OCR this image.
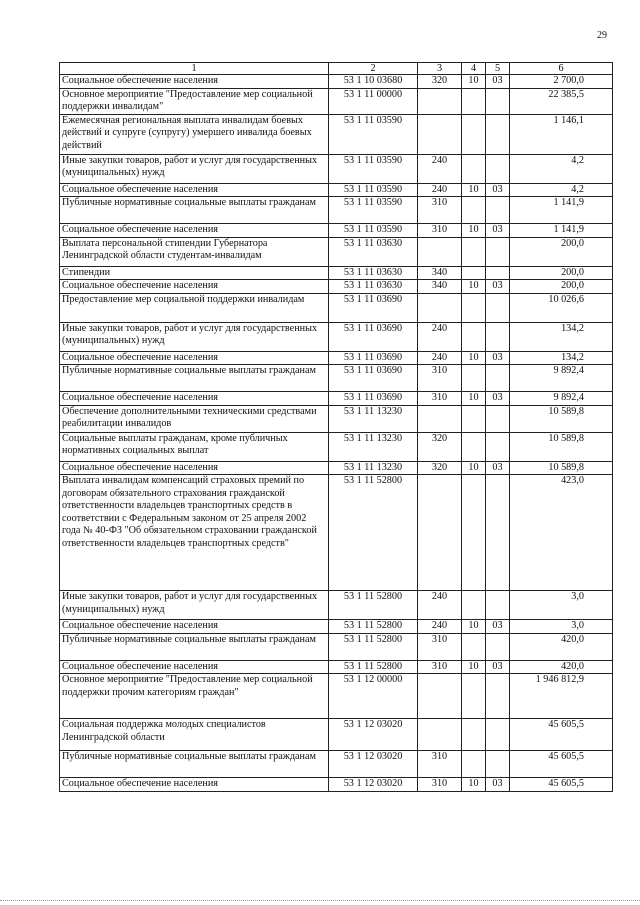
29
1	2	3	4	5	6
Социальное обеспечение населения	53 1 10 03680	320	10	03	2 700,0
Основное мероприятие "Предоставление мер социальной поддержки инвалидам"	53 1 11 00000				22 385,5
Ежемесячная региональная выплата инвалидам боевых действий и супруге (супругу) умершего инвалида боевых действий	53 1 11 03590				1 146,1
Иные закупки товаров, работ и услуг для государственных (муниципальных) нужд	53 1 11 03590	240			4,2
Социальное обеспечение населения	53 1 11 03590	240	10	03	4,2
Публичные нормативные социальные выплаты гражданам	53 1 11 03590	310			1 141,9
Социальное обеспечение населения	53 1 11 03590	310	10	03	1 141,9
Выплата персональной стипендии Губернатора Ленинградской области студентам-инвалидам	53 1 11 03630				200,0
Стипендии	53 1 11 03630	340			200,0
Социальное обеспечение населения	53 1 11 03630	340	10	03	200,0
Предоставление мер социальной поддержки инвалидам	53 1 11 03690				10 026,6
Иные закупки товаров, работ и услуг для государственных (муниципальных) нужд	53 1 11 03690	240			134,2
Социальное обеспечение населения	53 1 11 03690	240	10	03	134,2
Публичные нормативные социальные выплаты гражданам	53 1 11 03690	310			9 892,4
Социальное обеспечение населения	53 1 11 03690	310	10	03	9 892,4
Обеспечение дополнительными техническими средствами реабилитации инвалидов	53 1 11 13230				10 589,8
Социальные выплаты гражданам, кроме публичных нормативных социальных выплат	53 1 11 13230	320			10 589,8
Социальное обеспечение населения	53 1 11 13230	320	10	03	10 589,8
Выплата инвалидам компенсаций страховых премий по договорам обязательного страхования гражданской ответственности владельцев транспортных средств в соответствии с Федеральным законом от 25 апреля 2002 года № 40-ФЗ "Об обязательном страховании гражданской ответственности владельцев транспортных средств"	53 1 11 52800				423,0
Иные закупки товаров, работ и услуг для государственных (муниципальных) нужд	53 1 11 52800	240			3,0
Социальное обеспечение населения	53 1 11 52800	240	10	03	3,0
Публичные нормативные социальные выплаты гражданам	53 1 11 52800	310			420,0
Социальное обеспечение населения	53 1 11 52800	310	10	03	420,0
Основное мероприятие "Предоставление мер социальной поддержки прочим категориям граждан"	53 1 12 00000				1 946 812,9
Социальная поддержка молодых специалистов Ленинградской области	53 1 12 03020				45 605,5
Публичные нормативные социальные выплаты гражданам	53 1 12 03020	310			45 605,5
Социальное обеспечение населения	53 1 12 03020	310	10	03	45 605,5
